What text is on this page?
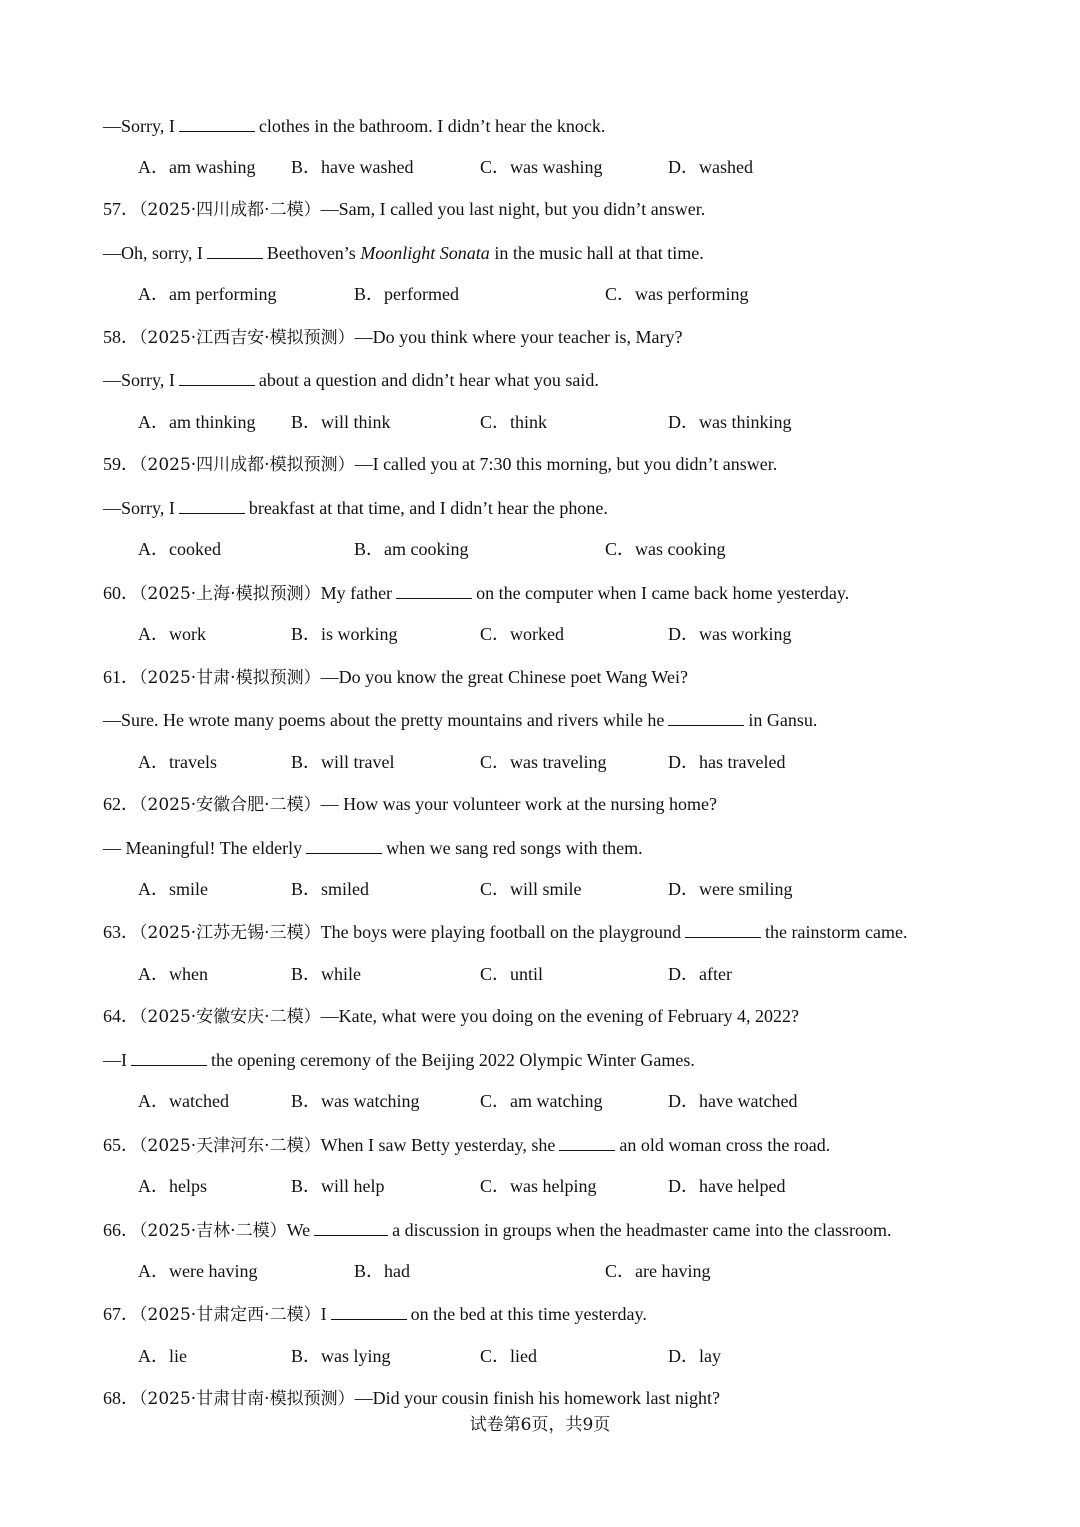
—Sorry, I	clothes in the bathroom. I didn’t hear the knock.
A．am washing B．have washed	C．was washing	D．washed
57．（2025·四川成都·二模）—Sam, I called you last night, but you didn’t answer.
—Oh, sorry, I	Beethoven’s Moonlight Sonata in the music hall at that time.
A．am performing	B．performed	C．was performing
58．（2025·江西吉安·模拟预测）—Do you think where your teacher is, Mary?
—Sorry, I	about a question and didn’t hear what you said.
A．am thinking B．will think	C．think	D．was thinking
59．（2025·四川成都·模拟预测）—I called you at 7:30 this morning, but you didn’t answer.
—Sorry, I	breakfast at that time, and I didn’t hear the phone.
A．cooked	B．am cooking	C．was cooking
60．（2025·上海·模拟预测）My father	on the computer when I came back home yesterday.
A．work	B．is working	C．worked	D．was working
61．（2025·甘肃·模拟预测）—Do you know the great Chinese poet Wang Wei?
—Sure. He wrote many poems about the pretty mountains and rivers while he	in Gansu.
A．travels	B．will travel	C．was traveling	D．has traveled
62．（2025·安徽合肥·二模）— How was your volunteer work at the nursing home?
— Meaningful! The elderly	when we sang red songs with them.
A．smile	B．smiled	C．will smile	D．were smiling
63．（2025·江苏无锡·三模）The boys were playing football on the playground	the rainstorm came.
A．when	B．while	C．until	D．after
64．（2025·安徽安庆·二模）—Kate, what were you doing on the evening of February 4, 2022?
—I	the opening ceremony of the Beijing 2022 Olympic Winter Games.
A．watched	B．was watching	C．am watching	D．have watched
65．（2025·天津河东·二模）When I saw Betty yesterday, she	an old woman cross the road.
A．helps	B．will help	C．was helping	D．have helped
66．（2025·吉林·二模）We	a discussion in groups when the headmaster came into the classroom.
A．were having	B．had	C．are having
67．（2025·甘肃定西·二模）I	on the bed at this time yesterday.
A．lie	B．was lying	C．lied	D．lay
68．（2025·甘肃甘南·模拟预测）—Did your cousin finish his homework last night?
试卷第6页，共9页
